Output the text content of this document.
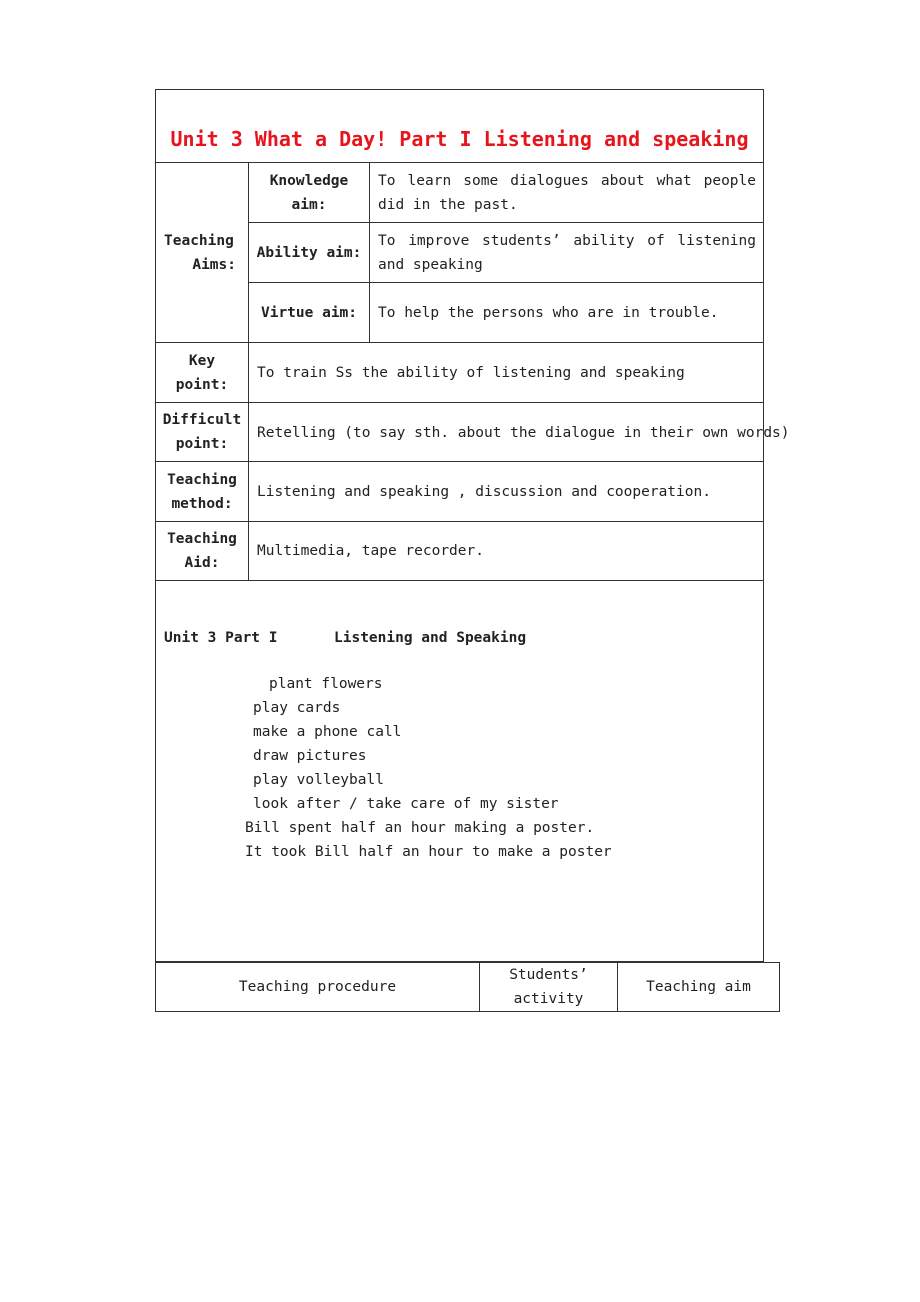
Unit 3 What a Day! Part I Listening and speaking
Teaching
Aims:
Knowledge
aim:
To learn some dialogues about what people did in the past.
Ability aim:
To improve students’ ability of listening and speaking
Virtue aim:	To help the persons who are in trouble.
Key
point:
To train Ss the ability of listening and speaking
Difficult
point:
Retelling (to say sth. about the dialogue in their own words)
Teaching
method:
Listening and speaking , discussion and cooperation.
Teaching
Aid:
Multimedia, tape recorder.
Unit 3 Part I	Listening and Speaking
plant flowers
play cards
make a phone call
draw pictures
play volleyball
look after / take care of my sister
Bill spent half an hour making a poster.
It took Bill half an hour to make a poster
Teaching procedure
Students’
activity
Teaching aim
